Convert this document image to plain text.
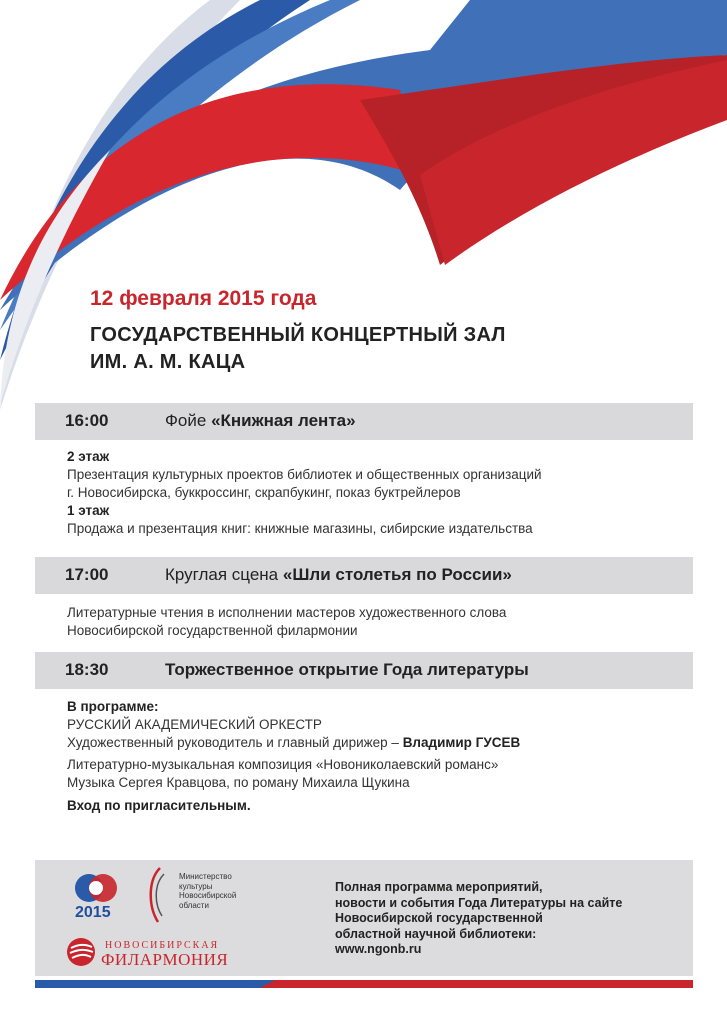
12 февраля 2015 года
ГОСУДАРСТВЕННЫЙ КОНЦЕРТНЫЙ ЗАЛ
ИМ. А. М. КАЦА
16:00	Фойе «Книжная лента»
2 этаж
Презентация культурных проектов библиотек и общественных организаций
г. Новосибирска, буккроссинг, скрапбукинг, показ буктрейлеров
1 этаж
Продажа и презентация книг: книжные магазины, сибирские издательства
17:00	Круглая сцена «Шли столетья по России»
Литературные чтения в исполнении мастеров художественного слова
Новосибирской государственной филармонии
18:30	Торжественное открытие Года литературы
В программе:
РУССКИЙ АКАДЕМИЧЕСКИЙ ОРКЕСТР
Художественный руководитель и главный дирижер – Владимир ГУСЕВ
Литературно-музыкальная композиция «Новониколаевский романс»
Музыка Сергея Кравцова, по роману Михаила Щукина
Вход по пригласительным.
2015
Министерство
культуры
Новосибирской
области
НОВОСИБИРСКАЯ
ФИЛАРМОНИЯ
Полная программа мероприятий,
новости и события Года Литературы на сайте
Новосибирской государственной
областной научной библиотеки:
www.ngonb.ru
